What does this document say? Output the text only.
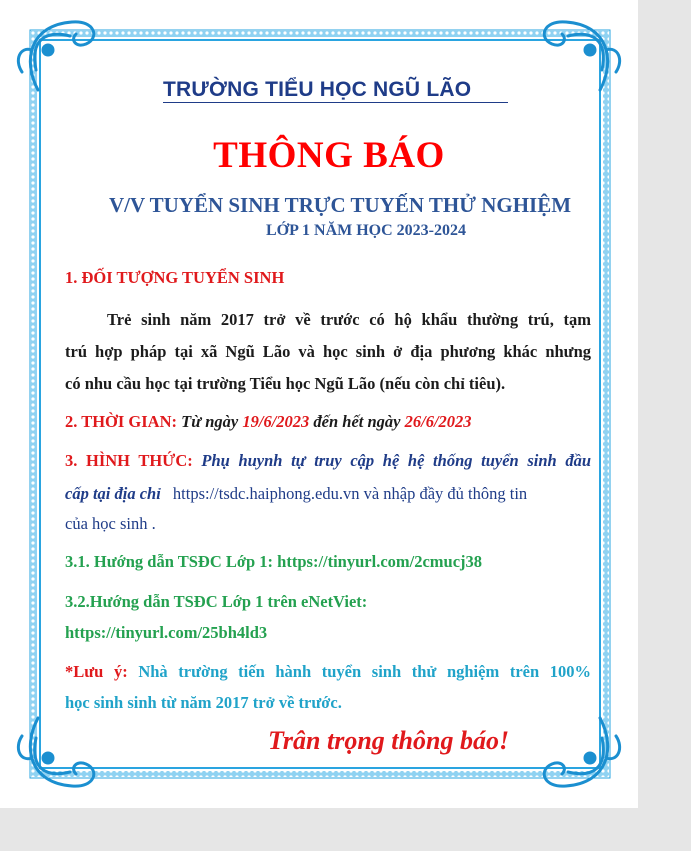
TRƯỜNG TIỂU HỌC NGŨ LÃO
THÔNG BÁO
V/V TUYỂN SINH TRỰC TUYẾN THỬ NGHIỆM
LỚP 1 NĂM HỌC 2023-2024
1. ĐỐI TƯỢNG TUYỂN SINH
Trẻ sinh năm 2017 trở về trước có hộ khẩu thường trú, tạm
trú hợp pháp tại xã Ngũ Lão và học sinh ở địa phương khác nhưng
có nhu cầu học tại trường Tiểu học Ngũ Lão (nếu còn chỉ tiêu).
2. THỜI GIAN: Từ ngày 19/6/2023 đến hết ngày 26/6/2023
3. HÌNH THỨC: Phụ huynh tự truy cập hệ hệ thống tuyển sinh đầu
cấp tại địa chỉ https://tsdc.haiphong.edu.vn và nhập đầy đủ thông tin
của học sinh .
3.1. Hướng dẫn TSĐC Lớp 1: https://tinyurl.com/2cmucj38
3.2.Hướng dẫn TSĐC Lớp 1 trên eNetViet:
https://tinyurl.com/25bh4ld3
*Lưu ý: Nhà trường tiến hành tuyển sinh thử nghiệm trên 100%
học sinh sinh từ năm 2017 trở về trước.
Trân trọng thông báo!
